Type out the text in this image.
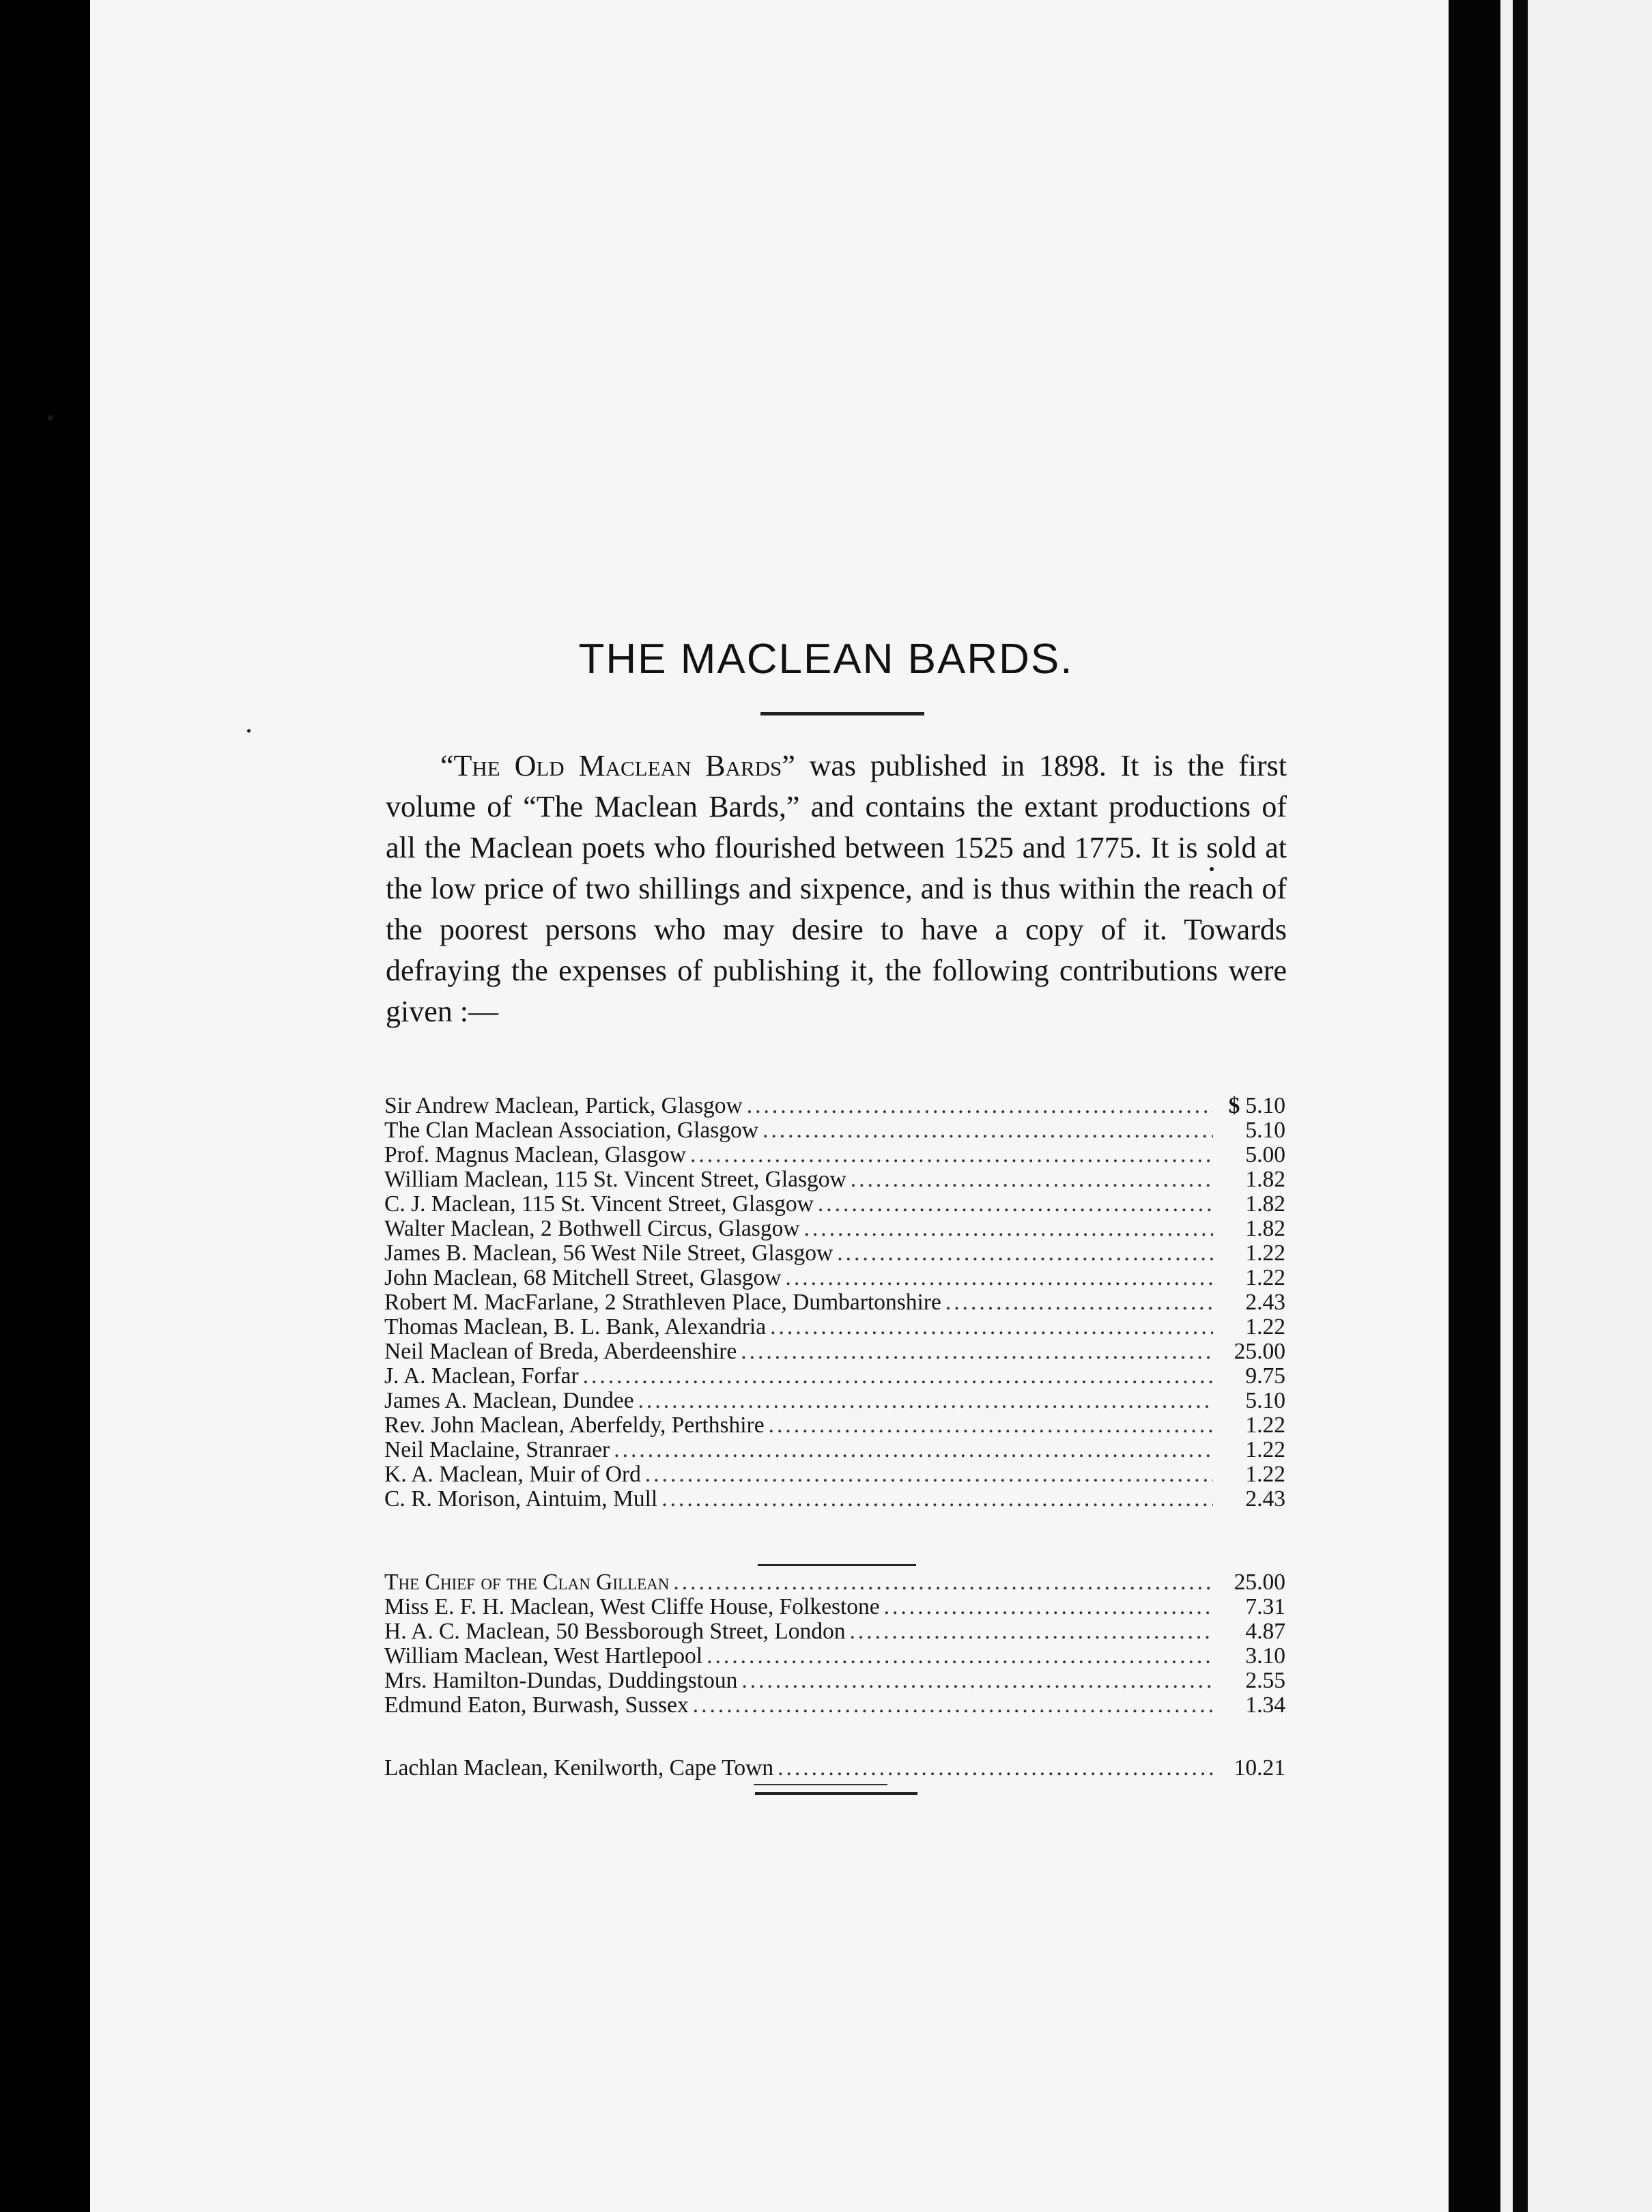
THE MACLEAN BARDS.
“The Old Maclean Bards” was published in 1898. It is the first volume of “The Maclean Bards,” and contains the extant productions of all the Maclean poets who flourished between 1525 and 1775. It is sold at the low price of two shillings and sixpence, and is thus within the reach of the poorest persons who may desire to have a copy of it. Towards defraying the expenses of publishing it, the following contributions were given :—
Sir Andrew Maclean, Partick, Glasgow .....	$ 5.10
The Clan Maclean Association, Glasgow .....	5.10
Prof. Magnus Maclean, Glasgow .....	5.00
William Maclean, 115 St. Vincent Street, Glasgow .....	1.82
C. J. Maclean, 115 St. Vincent Street, Glasgow .....	1.82
Walter Maclean, 2 Bothwell Circus, Glasgow .....	1.82
James B. Maclean, 56 West Nile Street, Glasgow .....	1.22
John Maclean, 68 Mitchell Street, Glasgow .....	1.22
Robert M. MacFarlane, 2 Strathleven Place, Dumbartonshire .....	2.43
Thomas Maclean, B. L. Bank, Alexandria .....	1.22
Neil Maclean of Breda, Aberdeenshire .....	25.00
J. A. Maclean, Forfar .....	9.75
James A. Maclean, Dundee .....	5.10
Rev. John Maclean, Aberfeldy, Perthshire .....	1.22
Neil Maclaine, Stranraer .....	1.22
K. A. Maclean, Muir of Ord .....	1.22
C. R. Morison, Aintuim, Mull .....	2.43
The Chief of the Clan Gillean .....	25.00
Miss E. F. H. Maclean, West Cliffe House, Folkestone .....	7.31
H. A. C. Maclean, 50 Bessborough Street, London .....	4.87
William Maclean, West Hartlepool .....	3.10
Mrs. Hamilton-Dundas, Duddingstoun .....	2.55
Edmund Eaton, Burwash, Sussex .....	1.34
Lachlan Maclean, Kenilworth, Cape Town .....	10.21
